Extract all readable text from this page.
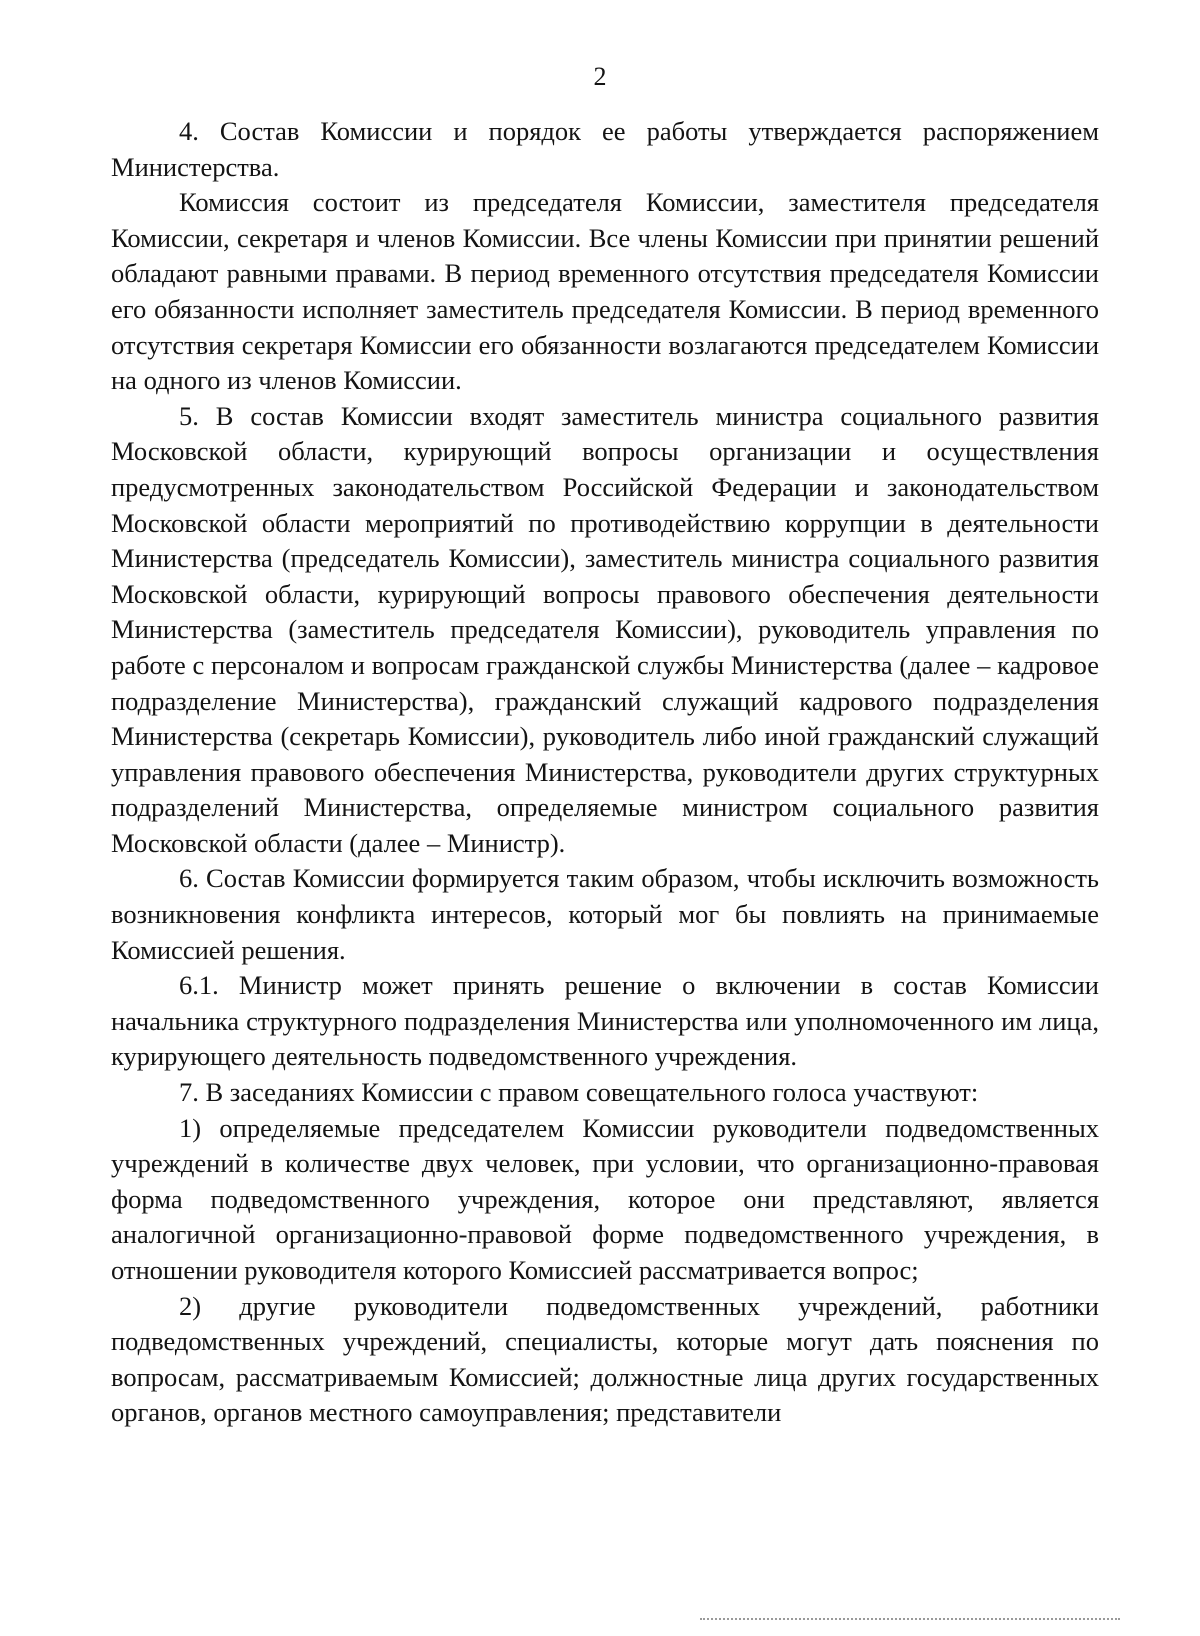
2

4. Состав Комиссии и порядок ее работы утверждается распоряжением Министерства.

Комиссия состоит из председателя Комиссии, заместителя председателя Комиссии, секретаря и членов Комиссии. Все члены Комиссии при принятии решений обладают равными правами. В период временного отсутствия председателя Комиссии его обязанности исполняет заместитель председателя Комиссии. В период временного отсутствия секретаря Комиссии его обязанности возлагаются председателем Комиссии на одного из членов Комиссии.

5. В состав Комиссии входят заместитель министра социального развития Московской области, курирующий вопросы организации и осуществления предусмотренных законодательством Российской Федерации и законодательством Московской области мероприятий по противодействию коррупции в деятельности Министерства (председатель Комиссии), заместитель министра социального развития Московской области, курирующий вопросы правового обеспечения деятельности Министерства (заместитель председателя Комиссии), руководитель управления по работе с персоналом и вопросам гражданской службы Министерства (далее – кадровое подразделение Министерства), гражданский служащий кадрового подразделения Министерства (секретарь Комиссии), руководитель либо иной гражданский служащий управления правового обеспечения Министерства, руководители других структурных подразделений Министерства, определяемые министром социального развития Московской области (далее – Министр).

6. Состав Комиссии формируется таким образом, чтобы исключить возможность возникновения конфликта интересов, который мог бы повлиять на принимаемые Комиссией решения.

6.1. Министр может принять решение о включении в состав Комиссии начальника структурного подразделения Министерства или уполномоченного им лица, курирующего деятельность подведомственного учреждения.

7. В заседаниях Комиссии с правом совещательного голоса участвуют:

1) определяемые председателем Комиссии руководители подведомственных учреждений в количестве двух человек, при условии, что организационно-правовая форма подведомственного учреждения, которое они представляют, является аналогичной организационно-правовой форме подведомственного учреждения, в отношении руководителя которого Комиссией рассматривается вопрос;

2) другие руководители подведомственных учреждений, работники подведомственных учреждений, специалисты, которые могут дать пояснения по вопросам, рассматриваемым Комиссией; должностные лица других государственных органов, органов местного самоуправления; представители
